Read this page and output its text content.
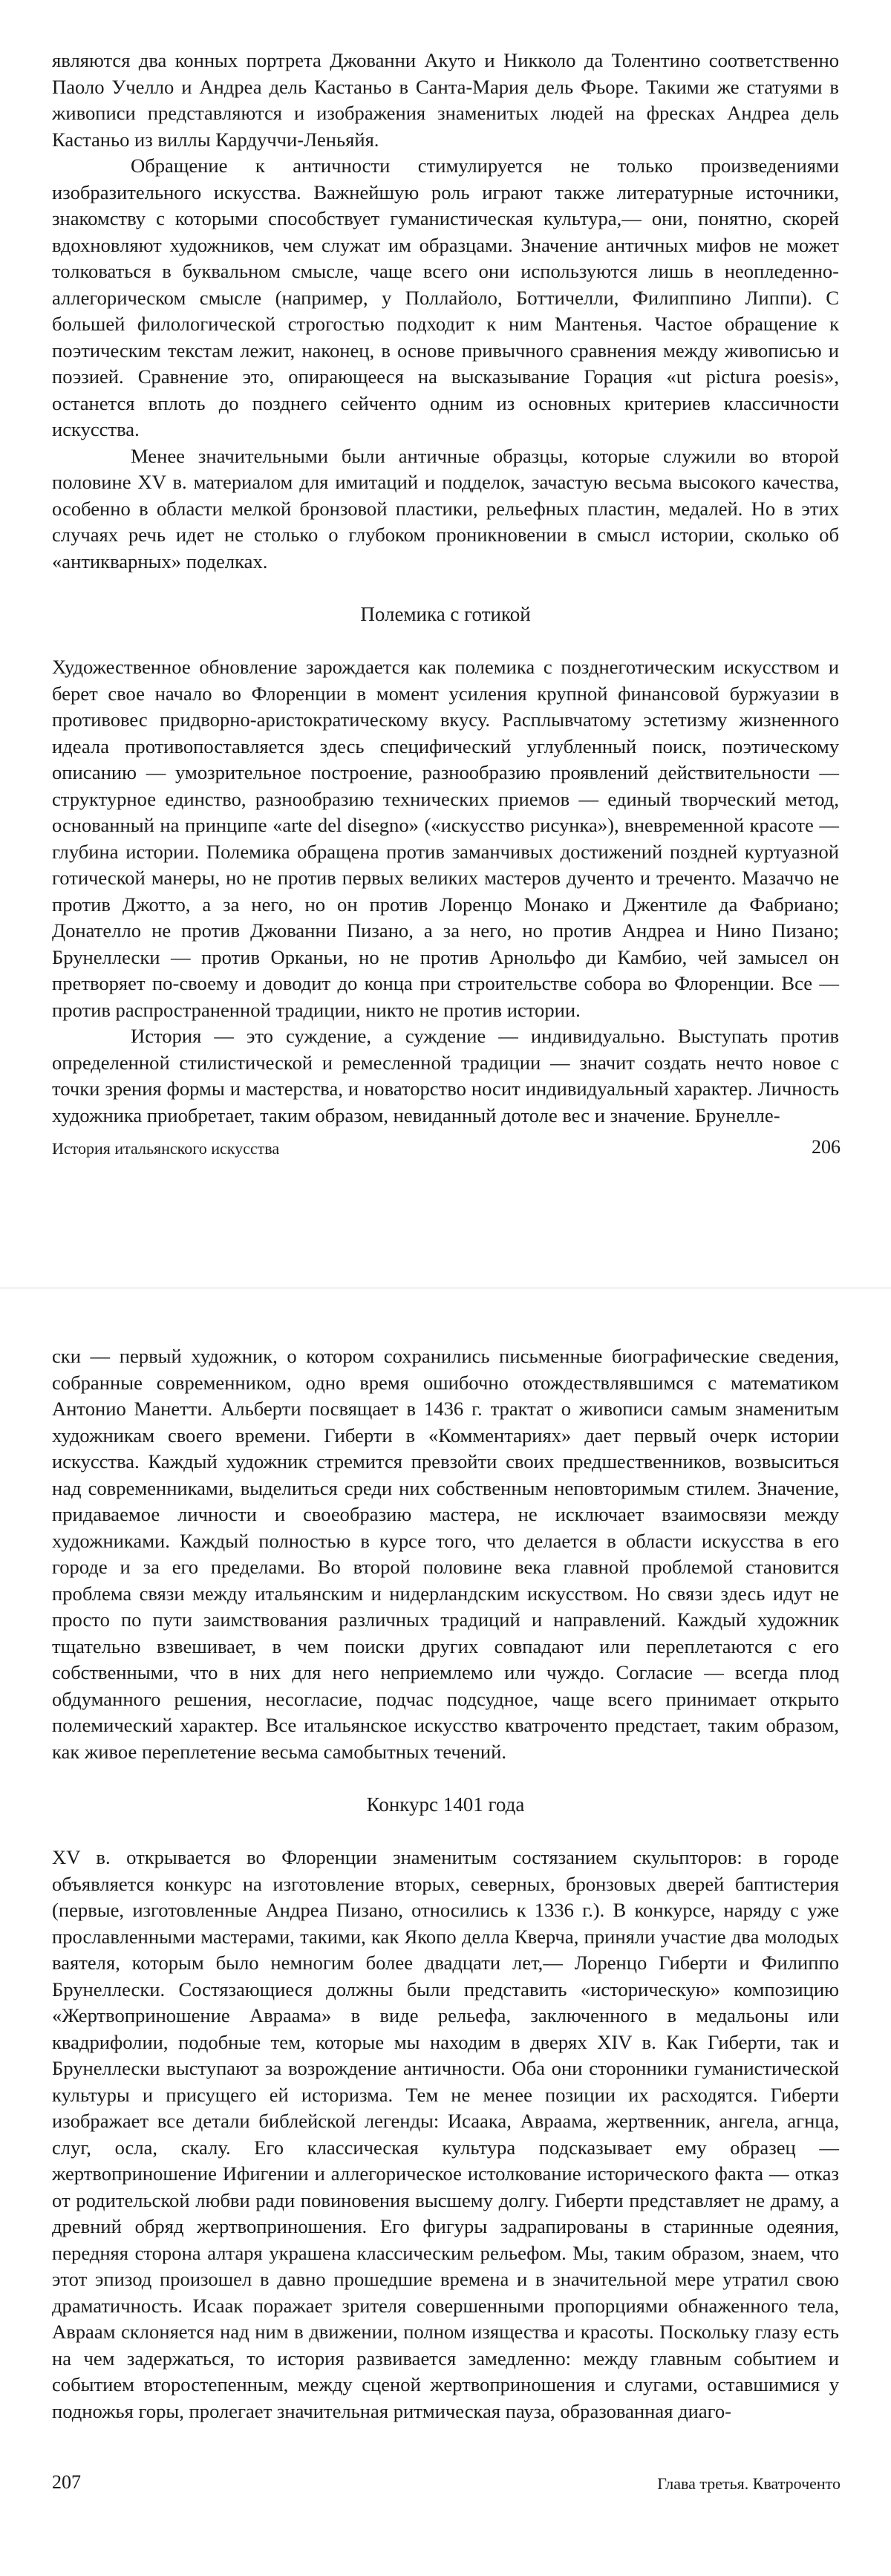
являются два конных портрета Джованни Акуто и Никколо да Толентино соответственно Паоло Учелло и Андреа дель Кастаньо в Санта-Мария дель Фьоре. Такими же статуями в живописи представляются и изображения знаменитых людей на фресках Андреа дель Кастаньо из виллы Кардуччи-Леньяйя.

Обращение к античности стимулируется не только произведениями изобразительного искусства. Важнейшую роль играют также литературные источники, знакомству с которыми способствует гуманистическая культура,— они, понятно, скорей вдохновляют художников, чем служат им образцами. Значение античных мифов не может толковаться в буквальном смысле, чаще всего они используются лишь в неопледенно-аллегорическом смысле (например, у Поллайоло, Боттичелли, Филиппино Липпи). С большей филологической строгостью подходит к ним Мантенья. Частое обращение к поэтическим текстам лежит, наконец, в основе привычного сравнения между живописью и поэзией. Сравнение это, опирающееся на высказывание Горация «ut pictura poesis», останется вплоть до позднего сейченто одним из основных критериев классичности искусства.

Менее значительными были античные образцы, которые служили во второй половине XV в. материалом для имитаций и подделок, зачастую весьма высокого качества, особенно в области мелкой бронзовой пластики, рельефных пластин, медалей. Но в этих случаях речь идет не столько о глубоком проникновении в смысл истории, сколько об «антикварных» поделках.

Полемика с готикой

Художественное обновление зарождается как полемика с позднеготическим искусством и берет свое начало во Флоренции в момент усиления крупной финансовой буржуазии в противовес придворно-аристократическому вкусу. Расплывчатому эстетизму жизненного идеала противопоставляется здесь специфический углубленный поиск, поэтическому описанию — умозрительное построение, разнообразию проявлений действительности — структурное единство, разнообразию технических приемов — единый творческий метод, основанный на принципе «arte del disegno» («искусство рисунка»), вневременной красоте — глубина истории. Полемика обращена против заманчивых достижений поздней куртуазной готической манеры, но не против первых великих мастеров дученто и треченто. Мазаччо не против Джотто, а за него, но он против Лоренцо Монако и Джентиле да Фабриано; Донателло не против Джованни Пизано, а за него, но против Андреа и Нино Пизано; Брунеллески — против Орканьи, но не против Арнольфо ди Камбио, чей замысел он претворяет по-своему и доводит до конца при строительстве собора во Флоренции. Все — против распространенной традиции, никто не против истории.

История — это суждение, а суждение — индивидуально. Выступать против определенной стилистической и ремесленной традиции — значит создать нечто новое с точки зрения формы и мастерства, и новаторство носит индивидуальный характер. Личность художника приобретает, таким образом, невиданный дотоле вес и значение. Брунелле-

История итальянского искусства	206

ски — первый художник, о котором сохранились письменные биографические сведения, собранные современником, одно время ошибочно отождествлявшимся с математиком Антонио Манетти. Альберти посвящает в 1436 г. трактат о живописи самым знаменитым художникам своего времени. Гиберти в «Комментариях» дает первый очерк истории искусства. Каждый художник стремится превзойти своих предшественников, возвыситься над современниками, выделиться среди них собственным неповторимым стилем. Значение, придаваемое личности и своеобразию мастера, не исключает взаимосвязи между художниками. Каждый полностью в курсе того, что делается в области искусства в его городе и за его пределами. Во второй половине века главной проблемой становится проблема связи между итальянским и нидерландским искусством. Но связи здесь идут не просто по пути заимствования различных традиций и направлений. Каждый художник тщательно взвешивает, в чем поиски других совпадают или переплетаются с его собственными, что в них для него неприемлемо или чуждо. Согласие — всегда плод обдуманного решения, несогласие, подчас подсудное, чаще всего принимает открыто полемический характер. Все итальянское искусство кватроченто предстает, таким образом, как живое переплетение весьма самобытных течений.

Конкурс 1401 года

XV в. открывается во Флоренции знаменитым состязанием скульпторов: в городе объявляется конкурс на изготовление вторых, северных, бронзовых дверей баптистерия (первые, изготовленные Андреа Пизано, относились к 1336 г.). В конкурсе, наряду с уже прославленными мастерами, такими, как Якопо делла Кверча, приняли участие два молодых ваятеля, которым было немногим более двадцати лет,— Лоренцо Гиберти и Филиппо Брунеллески. Состязающиеся должны были представить «историческую» композицию «Жертвоприношение Авраама» в виде рельефа, заключенного в медальоны или квадрифолии, подобные тем, которые мы находим в дверях XIV в. Как Гиберти, так и Брунеллески выступают за возрождение античности. Оба они сторонники гуманистической культуры и присущего ей историзма. Тем не менее позиции их расходятся. Гиберти изображает все детали библейской легенды: Исаака, Авраама, жертвенник, ангела, агнца, слуг, осла, скалу. Его классическая культура подсказывает ему образец — жертвоприношение Ифигении и аллегорическое истолкование исторического факта — отказ от родительской любви ради повиновения высшему долгу. Гиберти представляет не драму, а древний обряд жертвоприношения. Его фигуры задрапированы в старинные одеяния, передняя сторона алтаря украшена классическим рельефом. Мы, таким образом, знаем, что этот эпизод произошел в давно прошедшие времена и в значительной мере утратил свою драматичность. Исаак поражает зрителя совершенными пропорциями обнаженного тела, Авраам склоняется над ним в движении, полном изящества и красоты. Поскольку глазу есть на чем задержаться, то история развивается замедленно: между главным событием и событием второстепенным, между сценой жертвоприношения и слугами, оставшимися у подножья горы, пролегает значительная ритмическая пауза, образованная диаго-

207	Глава третья. Кватроченто
